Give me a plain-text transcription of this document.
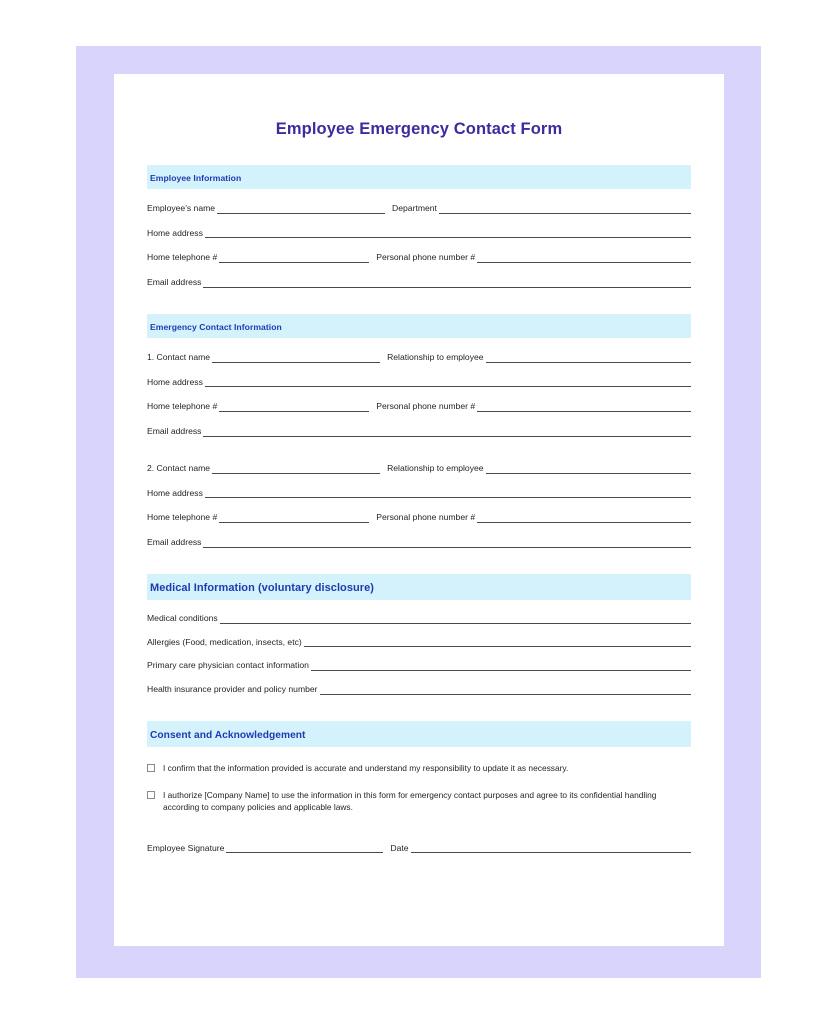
Employee Emergency Contact Form
Employee Information
Employee's name	Department
Home address
Home telephone #	Personal phone number #
Email address
Emergency Contact Information
1. Contact name	Relationship to employee
Home address
Home telephone #	Personal phone number #
Email address
2. Contact name	Relationship to employee
Home address
Home telephone #	Personal phone number #
Email address
Medical Information (voluntary disclosure)
Medical conditions
Allergies (Food, medication, insects, etc)
Primary care physician contact information
Health insurance provider and policy number
Consent and Acknowledgement
I confirm that the information provided is accurate and understand my responsibility to update it as necessary.
I authorize [Company Name] to use the information in this form for emergency contact purposes and agree to its confidential handling according to company policies and applicable laws.
Employee Signature	Date
